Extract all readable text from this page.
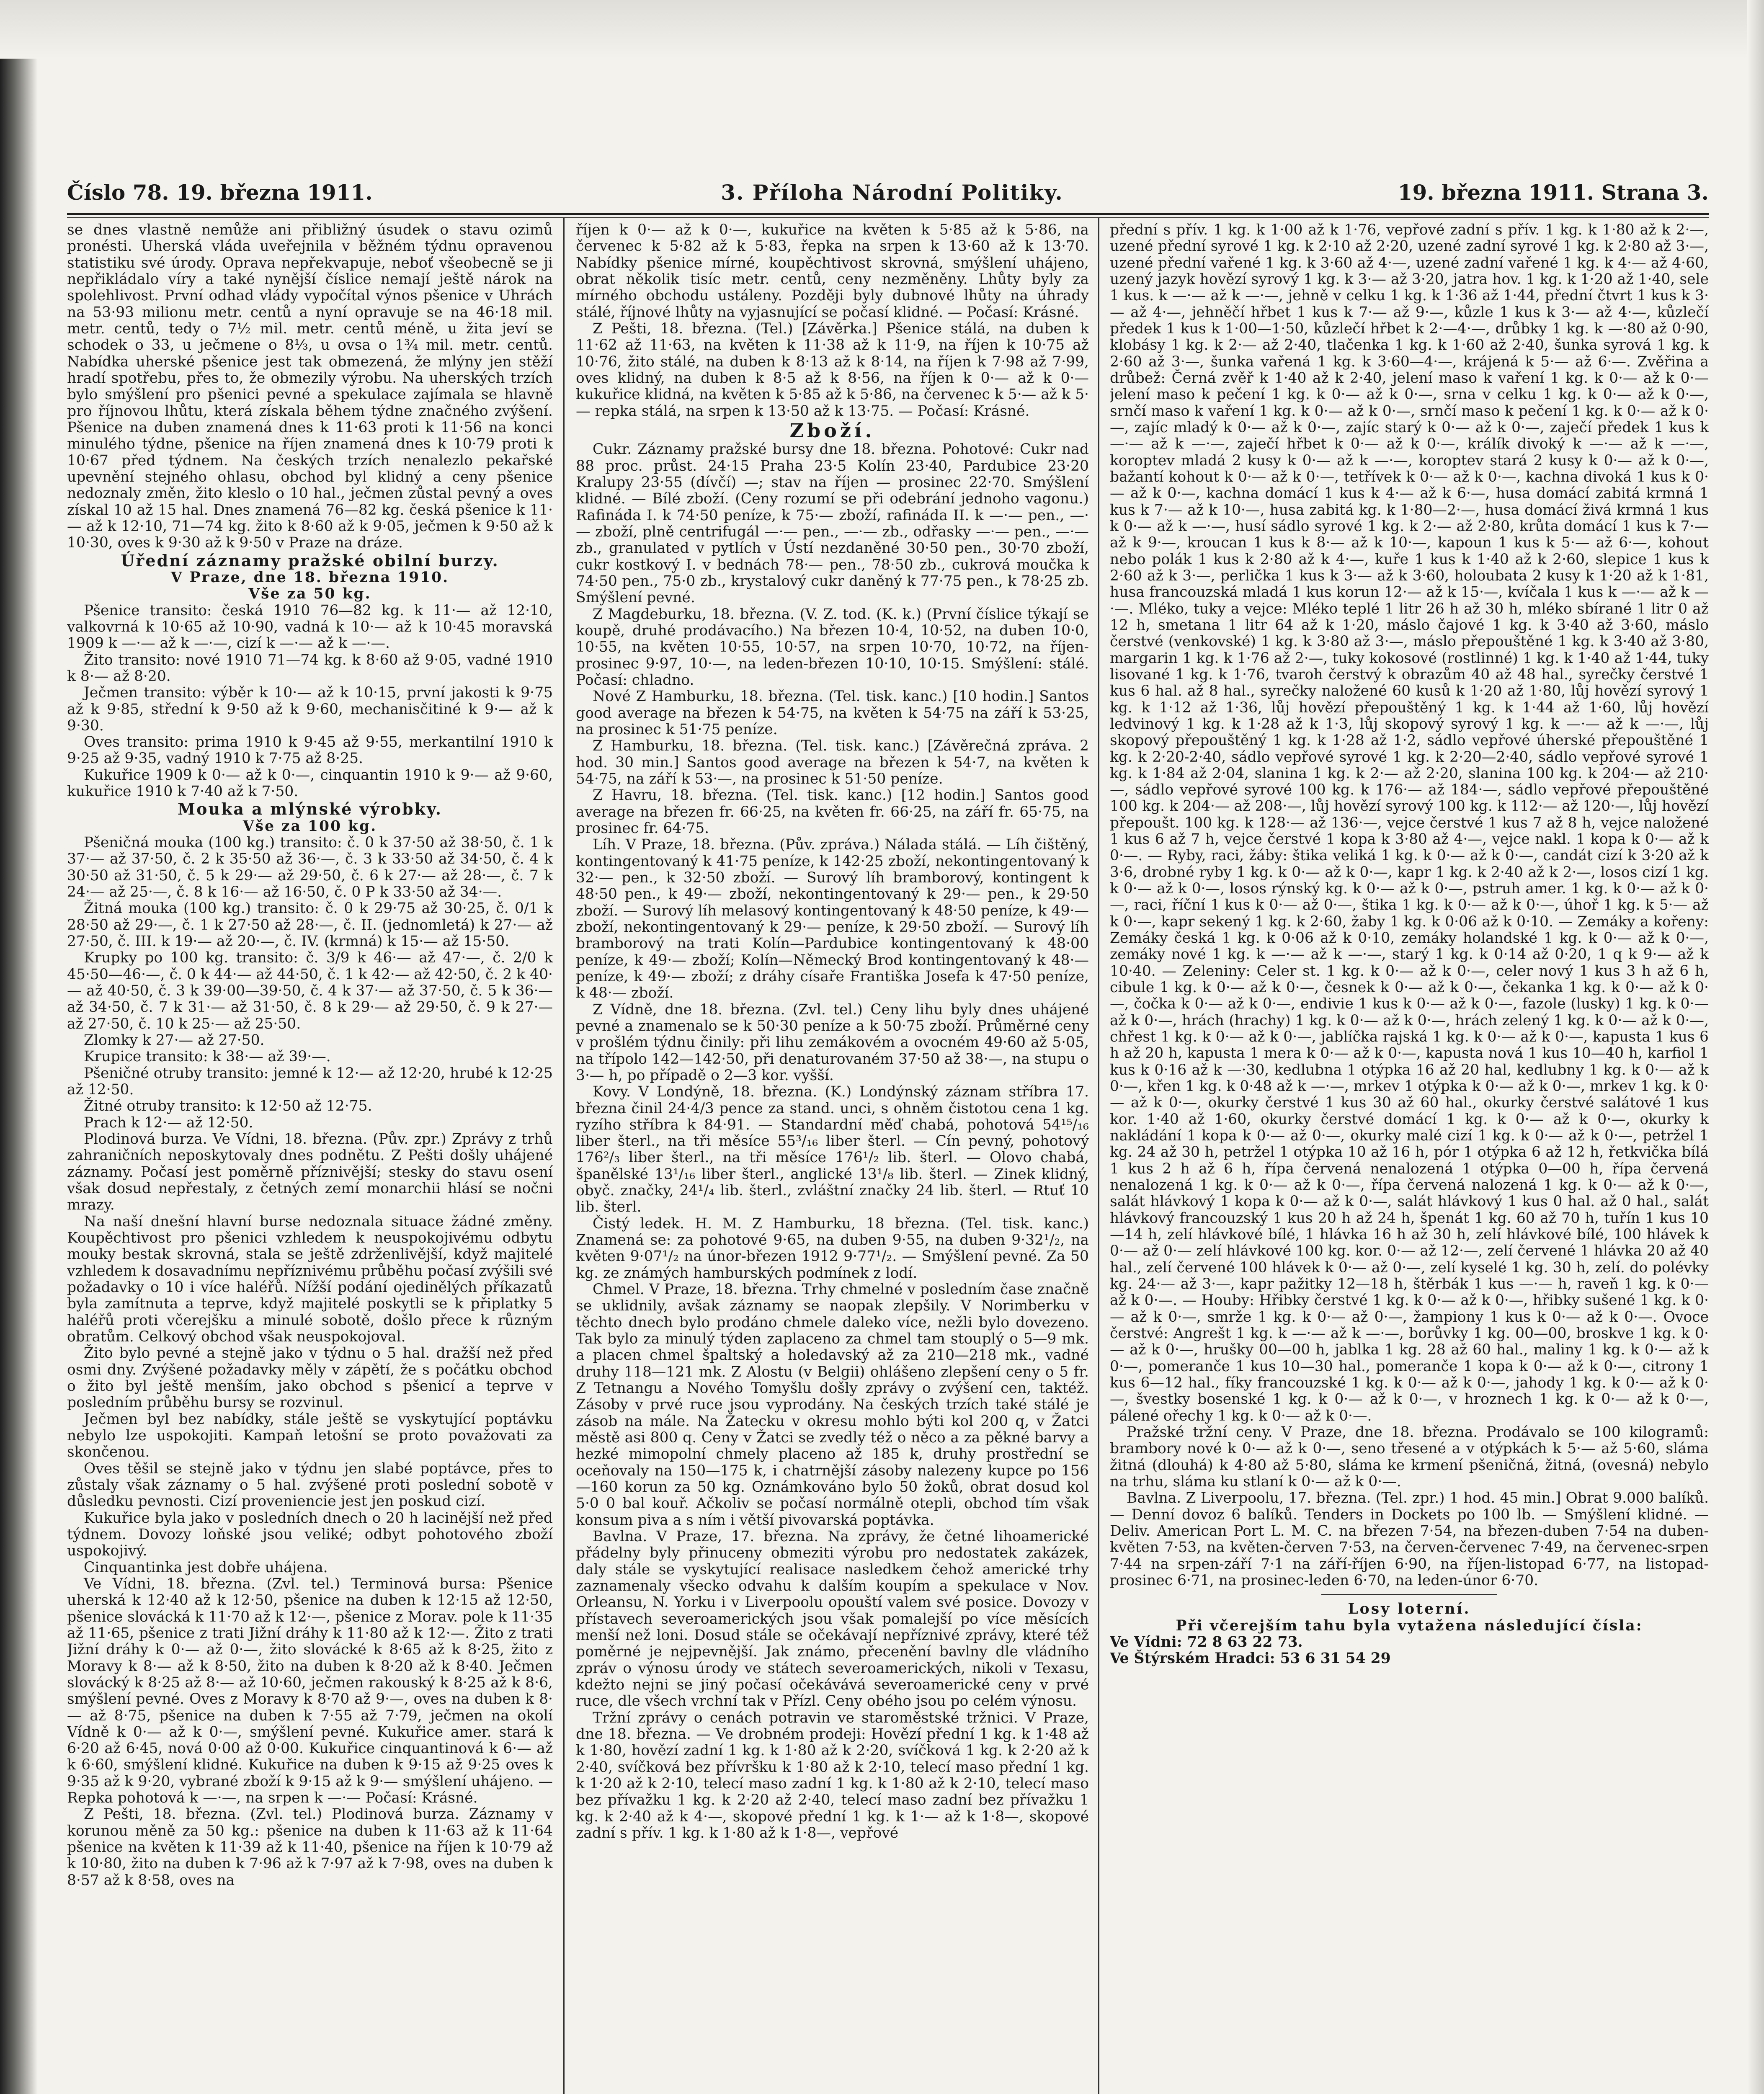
Číslo 78. 19. března 1911.	3. Příloha Národní Politiky.	19. března 1911. Strana 3.

se dnes vlastně nemůže ani přibližný úsudek o stavu ozimů pronésti. Uherská vláda uveřejnila v běžném týdnu opravenou statistiku své úrody. Oprava nepřekvapuje, neboť všeobecně se ji nepřikládalo víry a také nynější číslice nemají ještě nárok na spolehlivost. První odhad vlády vypočítal výnos pšenice v Uhrách na 53·93 milionu metr. centů a nyní opravuje se na 46·18 mil. metr. centů, tedy o 7½ mil. metr. centů méně, u žita jeví se schodek o 33, u ječmene o 8⅓, u ovsa o 1¾ mil. metr. centů. Nabídka uherské pšenice jest tak obmezená, že mlýny jen stěží hradí spotřebu, přes to, že obmezily výrobu. Na uherských trzích bylo smýšlení pro pšenici pevné a spekulace zajímala se hlavně pro říjnovou lhůtu, která získala během týdne značného zvýšení. Pšenice na duben znamená dnes k 11·63 proti k 11·56 na konci minulého týdne, pšenice na říjen znamená dnes k 10·79 proti k 10·67 před týdnem. Na českých trzích nenalezlo pekařské upevnění stejného ohlasu, obchod byl klidný a ceny pšenice nedoznaly změn, žito kleslo o 10 hal., ječmen zůstal pevný a oves získal 10 až 15 hal. Dnes znamená 76—82 kg. česká pšenice k 11·— až k 12·10, 71—74 kg. žito k 8·60 až k 9·05, ječmen k 9·50 až k 10·30, oves k 9·30 až k 9·50 v Praze na dráze.

Úřední záznamy pražské obilní burzy.

V Praze, dne 18. března 1910.

Vše za 50 kg.

Pšenice transito: česká 1910 76—82 kg. k 11·— až 12·10, valkovrná k 10·65 až 10·90, vadná k 10·— až k 10·45 moravská 1909 k —·— až k —·—, cizí k —·— až k —·—.

Žito transito: nové 1910 71—74 kg. k 8·60 až 9·05, vadné 1910 k 8·— až 8·20.

Ječmen transito: výběr k 10·— až k 10·15, první jakosti k 9·75 až k 9·85, střední k 9·50 až k 9·60, mechanisčitiné k 9·— až k 9·30.

Oves transito: prima 1910 k 9·45 až 9·55, merkantilní 1910 k 9·25 až 9·35, vadný 1910 k 7·75 až 8·25.

Kukuřice 1909 k 0·— až k 0·—, cinquantin 1910 k 9·— až 9·60, kukuřice 1910 k 7·40 až k 7·50.

Mouka a mlýnské výrobky.

Vše za 100 kg.

Pšeničná mouka (100 kg.) transito: č. 0 k 37·50 až 38·50, č. 1 k 37·— až 37·50, č. 2 k 35·50 až 36·—, č. 3 k 33·50 až 34·50, č. 4 k 30·50 až 31·50, č. 5 k 29·— až 29·50, č. 6 k 27·— až 28·—, č. 7 k 24·— až 25·—, č. 8 k 16·— až 16·50, č. 0 P k 33·50 až 34·—.

Žitná mouka (100 kg.) transito: č. 0 k 29·75 až 30·25, č. 0/1 k 28·50 až 29·—, č. 1 k 27·50 až 28·—, č. II. (jednomletá) k 27·— až 27·50, č. III. k 19·— až 20·—, č. IV. (krmná) k 15·— až 15·50.

Krupky po 100 kg. transito: č. 3/9 k 46·— až 47·—, č. 2/0 k 45·50—46·—, č. 0 k 44·— až 44·50, č. 1 k 42·— až 42·50, č. 2 k 40·— až 40·50, č. 3 k 39·00—39·50, č. 4 k 37·— až 37·50, č. 5 k 36·— až 34·50, č. 7 k 31·— až 31·50, č. 8 k 29·— až 29·50, č. 9 k 27·— až 27·50, č. 10 k 25·— až 25·50.

Zlomky k 27·— až 27·50.

Krupice transito: k 38·— až 39·—.

Pšeničné otruby transito: jemné k 12·— až 12·20, hrubé k 12·25 až 12·50.

Žitné otruby transito: k 12·50 až 12·75.

Prach k 12·— až 12·50.

Plodinová burza. Ve Vídni, 18. března. (Pův. zpr.) Zprávy z trhů zahraničních neposkytovaly dnes podnětu. Z Pešti došly uhájené záznamy. Počasí jest poměrně příznivější; stesky do stavu osení však dosud nepřestaly, z četných zemí monarchii hlásí se nočni mrazy.

Na naší dnešní hlavní burse nedoznala situace žádné změny. Koupěchtivost pro pšenici vzhledem k neuspokojivému odbytu mouky bestak skrovná, stala se ještě zdrženlivější, když majitelé vzhledem k dosavadnímu nepříznivému průběhu počasí zvýšili své požadavky o 10 i více haléřů. Nížší podání ojedinělých příkazatů byla zamítnuta a teprve, když majitelé poskytli se k připlatky 5 haléřů proti včerejšku a minulé sobotě, došlo přece k různým obratům. Celkový obchod však neuspokojoval.

Žito bylo pevné a stejně jako v týdnu o 5 hal. dražší než před osmi dny. Zvýšené požadavky měly v zápětí, že s počátku obchod o žito byl ještě menším, jako obchod s pšenicí a teprve v posledním průběhu bursy se rozvinul.

Ječmen byl bez nabídky, stále ještě se vyskytující poptávku nebylo lze uspokojiti. Kampaň letošní se proto považovati za skončenou.

Oves těšil se stejně jako v týdnu jen slabé poptávce, přes to zůstaly však záznamy o 5 hal. zvýšené proti poslední sobotě v důsledku pevnosti. Cizí proveniencie jest jen poskud cizí.

Kukuřice byla jako v posledních dnech o 20 h lacinější než před týdnem. Dovozy loňské jsou veliké; odbyt pohotového zboží uspokojivý.

Cinquantinka jest dobře uhájena.

Ve Vídni, 18. března. (Zvl. tel.) Terminová bursa: Pšenice uherská k 12·40 až k 12·50, pšenice na duben k 12·15 až 12·50, pšenice slovácká k 11·70 až k 12·—, pšenice z Morav. pole k 11·35 až 11·65, pšenice z trati Jižní dráhy k 11·80 až k 12·—. Žito z trati Jižní dráhy k 0·— až 0·—, žito slovácké k 8·65 až k 8·25, žito z Moravy k 8·— až k 8·50, žito na duben k 8·20 až k 8·40. Ječmen slovácký k 8·25 až 8·— až 10·60, ječmen rakouský k 8·25 až k 8·6, smýšlení pevné. Oves z Moravy k 8·70 až 9·—, oves na duben k 8·— až 8·75, pšenice na duben k 7·55 až 7·79, ječmen na okolí Vídně k 0·— až k 0·—, smýšlení pevné. Kukuřice amer. stará k 6·20 až 6·45, nová 0·00 až 0·00. Kukuřice cinquantinová k 6·— až k 6·60, smýšlení klidné. Kukuřice na duben k 9·15 až 9·25 oves k 9·35 až k 9·20, vybrané zboží k 9·15 až k 9·— smýšlení uhájeno. — Repka pohotová k —·—, na srpen k —·— Počasí: Krásné.

Z Pešti, 18. března. (Zvl. tel.) Plodinová burza. Záznamy v korunou měně za 50 kg.: pšenice na duben k 11·63 až k 11·64 pšenice na květen k 11·39 až k 11·40, pšenice na říjen k 10·79 až k 10·80, žito na duben k 7·96 až k 7·97 až k 7·98, oves na duben k 8·57 až k 8·58, oves na

říjen k 0·— až k 0·—, kukuřice na květen k 5·85 až k 5·86, na červenec k 5·82 až k 5·83, řepka na srpen k 13·60 až k 13·70. Nabídky pšenice mírné, koupěchtivost skrovná, smýšlení uhájeno, obrat několik tisíc metr. centů, ceny nezměněny. Lhůty byly za mírného obchodu ustáleny. Později byly dubnové lhůty na úhrady stálé, říjnové lhůty na vyjasnující se počasí klidné. — Počasí: Krásné.

Z Pešti, 18. března. (Tel.) [Závěrka.] Pšenice stálá, na duben k 11·62 až 11·63, na květen k 11·38 až k 11·9, na říjen k 10·75 až 10·76, žito stálé, na duben k 8·13 až k 8·14, na říjen k 7·98 až 7·99, oves klidný, na duben k 8·5 až k 8·56, na říjen k 0·— až k 0·— kukuřice klidná, na květen k 5·85 až k 5·86, na červenec k 5·— až k 5·— repka stálá, na srpen k 13·50 až k 13·75. — Počasí: Krásné.

Zboží.

Cukr. Záznamy pražské bursy dne 18. března. Pohotové: Cukr nad 88 proc. průst. 24·15 Praha 23·5 Kolín 23·40, Pardubice 23·20 Kralupy 23·55 (dívčí) —; stav na říjen — prosinec 22·70. Smýšlení klidné. — Bílé zboží. (Ceny rozumí se při odebrání jednoho vagonu.) Rafináda I. k 74·50 peníze, k 75·— zboží, rafináda II. k —·— pen., —·— zboží, plně centrifugál —·— pen., —·— zb., odřasky —·— pen., —·— zb., granulated v pytlích v Ústí nezdaněné 30·50 pen., 30·70 zboží, cukr kostkový I. v bednách 78·— pen., 78·50 zb., cukrová moučka k 74·50 pen., 75·0 zb., krystalový cukr daněný k 77·75 pen., k 78·25 zb. Smýšlení pevné.

Z Magdeburku, 18. března. (V. Z. tod. (K. k.) (První číslice týkají se koupě, druhé prodávacího.) Na březen 10·4, 10·52, na duben 10·0, 10·55, na květen 10·55, 10·57, na srpen 10·70, 10·72, na říjen-prosinec 9·97, 10·—, na leden-březen 10·10, 10·15. Smýšlení: stálé. Počasí: chladno.

Nové Z Hamburku, 18. března. (Tel. tisk. kanc.) [10 hodin.] Santos good average na březen k 54·75, na květen k 54·75 na září k 53·25, na prosinec k 51·75 peníze.

Z Hamburku, 18. března. (Tel. tisk. kanc.) [Závěrečná zpráva. 2 hod. 30 min.] Santos good average na březen k 54·7, na květen k 54·75, na září k 53·—, na prosinec k 51·50 peníze.

Z Havru, 18. března. (Tel. tisk. kanc.) [12 hodin.] Santos good average na březen fr. 66·25, na květen fr. 66·25, na září fr. 65·75, na prosinec fr. 64·75.

Líh. V Praze, 18. března. (Pův. zpráva.) Nálada stálá. — Líh čištěný, kontingentovaný k 41·75 peníze, k 142·25 zboží, nekontingentovaný k 32·— pen., k 32·50 zboží. — Surový líh bramborový, kontingent k 48·50 pen., k 49·— zboží, nekontingentovaný k 29·— pen., k 29·50 zboží. — Surový líh melasový kontingentovaný k 48·50 peníze, k 49·— zboží, nekontingentovaný k 29·— peníze, k 29·50 zboží. — Surový líh bramborový na trati Kolín—Pardubice kontingentovaný k 48·00 peníze, k 49·— zboží; Kolín—Německý Brod kontingentovaný k 48·— peníze, k 49·— zboží; z dráhy císaře Františka Josefa k 47·50 peníze, k 48·— zboží.

Z Vídně, dne 18. března. (Zvl. tel.) Ceny lihu byly dnes uhájené pevné a znamenalo se k 50·30 peníze a k 50·75 zboží. Průměrné ceny v prošlém týdnu činily: při lihu zemákovém a ovocném 49·60 až 5·05, na třípolo 142—142·50, při denaturovaném 37·50 až 38·—, na stupu o 3·— h, po případě o 2—3 kor. vyšší.

Kovy. V Londýně, 18. března. (K.) Londýnský záznam stříbra 17. března činil 24·4/3 pence za stand. unci, s ohněm čistotou cena 1 kg. ryzího stříbra k 84·91. — Standardní měď chabá, pohotová 54¹⁵/₁₆ liber šterl., na tři měsíce 55³/₁₆ liber šterl. — Cín pevný, pohotový 176²/₃ liber šterl., na tři měsíce 176¹/₂ lib. šterl. — Olovo chabá, španělské 13¹/₁₆ liber šterl., anglické 13¹/₈ lib. šterl. — Zinek klidný, obyč. značky, 24¹/₄ lib. šterl., zvláštní značky 24 lib. šterl. — Rtuť 10 lib. šterl.

Čistý ledek. H. M. Z Hamburku, 18 března. (Tel. tisk. kanc.) Znamená se: za pohotové 9·65, na duben 9·55, na duben 9·32¹/₂, na květen 9·07¹/₂ na únor-březen 1912 9·77¹/₂. — Smýšlení pevné. Za 50 kg. ze známých hamburských podmínek z lodí.

Chmel. V Praze, 18. března. Trhy chmelné v posledním čase značně se uklidnily, avšak záznamy se naopak zlepšily. V Norimberku v těchto dnech bylo prodáno chmele daleko více, nežli bylo dovezeno. Tak bylo za minulý týden zaplaceno za chmel tam stouplý o 5—9 mk. a placen chmel špaltský a holedavský až za 210—218 mk., vadné druhy 118—121 mk. Z Alostu (v Belgii) ohlášeno zlepšení ceny o 5 fr. Z Tetnangu a Nového Tomyšlu došly zprávy o zvýšení cen, taktéž. Zásoby v prvé ruce jsou vyprodány. Na českých trzích také stálé je zásob na mále. Na Žatecku v okresu mohlo býti kol 200 q, v Žatci městě asi 800 q. Ceny v Žatci se zvedly též o něco a za pěkné barvy a hezké mimopolní chmely placeno až 185 k, druhy prostřední se oceňovaly na 150—175 k, i chatrnější zásoby nalezeny kupce po 156—160 korun za 50 kg. Oznámkováno bylo 50 žoků, obrat dosud kol 5·0 0 bal kouř. Ačkoliv se počasí normálně otepli, obchod tím však konsum piva a s ním i větší pivovarská poptávka.

Bavlna. V Praze, 17. března. Na zprávy, že četné lihoamerické přádelny byly přinuceny obmeziti výrobu pro nedostatek zakázek, daly stále se vyskytující realisace nasledkem čehož americké trhy zaznamenaly všecko odvahu k dalším koupím a spekulace v Nov. Orleansu, N. Yorku i v Liverpoolu opouští valem své posice. Dovozy v přístavech severoamerických jsou však pomalejší po více měsících menší než loni. Dosud stále se očekávají nepříznivé zprávy, které též poměrné je nejpevnější. Jak známo, přecenění bavlny dle vládního zpráv o výnosu úrody ve státech severoamerických, nikoli v Texasu, kdežto nejni se jiný počasí očekávává severoamerické ceny v prvé ruce, dle všech vrchní tak v Přízl. Ceny obého jsou po celém výnosu.

Tržní zprávy o cenách potravin ve staroměstské tržnici. V Praze, dne 18. března. — Ve drobném prodeji: Hovězí přední 1 kg. k 1·48 až k 1·80, hovězí zadní 1 kg. k 1·80 až k 2·20, svíčková 1 kg. k 2·20 až k 2·40, svíčková bez přívršku k 1·80 až k 2·10, telecí maso přední 1 kg. k 1·20 až k 2·10, telecí maso zadní 1 kg. k 1·80 až k 2·10, telecí maso bez přívažku 1 kg. k 2·20 až 2·40, telecí maso zadní bez přívažku 1 kg. k 2·40 až k 4·—, skopové přední 1 kg. k 1·— až k 1·8—, skopové zadní s přív. 1 kg. k 1·80 až k 1·8—, vepřové

přední s přív. 1 kg. k 1·00 až k 1·76, vepřové zadní s přív. 1 kg. k 1·80 až k 2·—, uzené přední syrové 1 kg. k 2·10 až 2·20, uzené zadní syrové 1 kg. k 2·80 až 3·—, uzené přední vařené 1 kg. k 3·60 až 4·—, uzené zadní vařené 1 kg. k 4·— až 4·60, uzený jazyk hovězí syrový 1 kg. k 3·— až 3·20, jatra hov. 1 kg. k 1·20 až 1·40, sele 1 kus. k —·— až k —·—, jehně v celku 1 kg. k 1·36 až 1·44, přední čtvrt 1 kus k 3·— až 4·—, jehněčí hřbet 1 kus k 7·— až 9·—, kůzle 1 kus k 3·— až 4·—, kůzlečí předek 1 kus k 1·00—1·50, kůzlečí hřbet k 2·—4·—, drůbky 1 kg. k —·80 až 0·90, klobásy 1 kg. k 2·— až 2·40, tlačenka 1 kg. k 1·60 až 2·40, šunka syrová 1 kg. k 2·60 až 3·—, šunka vařená 1 kg. k 3·60—4·—, krájená k 5·— až 6·—. Zvěřina a drůbež: Černá zvěř k 1·40 až k 2·40, jelení maso k vaření 1 kg. k 0·— až k 0·— jelení maso k pečení 1 kg. k 0·— až k 0·—, srna v celku 1 kg. k 0·— až k 0·—, srnčí maso k vaření 1 kg. k 0·— až k 0·—, srnčí maso k pečení 1 kg. k 0·— až k 0·—, zajíc mladý k 0·— až k 0·—, zajíc starý k 0·— až k 0·—, zaječí předek 1 kus k —·— až k —·—, zaječí hřbet k 0·— až k 0·—, králík divoký k —·— až k —·—, koroptev mladá 2 kusy k 0·— až k —·—, koroptev stará 2 kusy k 0·— až k 0·—, bažantí kohout k 0·— až k 0·—, tetřívek k 0·— až k 0·—, kachna divoká 1 kus k 0·— až k 0·—, kachna domácí 1 kus k 4·— až k 6·—, husa domácí zabitá krmná 1 kus k 7·— až k 10·—, husa zabitá kg. k 1·80—2·—, husa domácí živá krmná 1 kus k 0·— až k —·—, husí sádlo syrové 1 kg. k 2·— až 2·80, krůta domácí 1 kus k 7·— až k 9·—, kroucan 1 kus k 8·— až k 10·—, kapoun 1 kus k 5·— až 6·—, kohout nebo polák 1 kus k 2·80 až k 4·—, kuře 1 kus k 1·40 až k 2·60, slepice 1 kus k 2·60 až k 3·—, perlička 1 kus k 3·— až k 3·60, holoubata 2 kusy k 1·20 až k 1·81, husa francouzská mladá 1 kus korun 12·— až k 15·—, kvíčala 1 kus k —·— až k —·—. Mléko, tuky a vejce: Mléko teplé 1 litr 26 h až 30 h, mléko sbírané 1 litr 0 až 12 h, smetana 1 litr 64 až k 1·20, máslo čajové 1 kg. k 3·40 až 3·60, máslo čerstvé (venkovské) 1 kg. k 3·80 až 3·—, máslo přepouštěné 1 kg. k 3·40 až 3·80, margarin 1 kg. k 1·76 až 2·—, tuky kokosové (rostlinné) 1 kg. k 1·40 až 1·44, tuky lisované 1 kg. k 1·76, tvaroh čerstvý k obrazům 40 až 48 hal., syrečky čerstvé 1 kus 6 hal. až 8 hal., syrečky naložené 60 kusů k 1·20 až 1·80, lůj hovězí syrový 1 kg. k 1·12 až 1·36, lůj hovězí přepouštěný 1 kg. k 1·44 až 1·60, lůj hovězí ledvinový 1 kg. k 1·28 až k 1·3, lůj skopový syrový 1 kg. k —·— až k —·—, lůj skopový přepouštěný 1 kg. k 1·28 až 1·2, sádlo vepřové úherské přepouštěné 1 kg. k 2·20-2·40, sádlo vepřové syrové 1 kg. k 2·20—2·40, sádlo vepřové syrové 1 kg. k 1·84 až 2·04, slanina 1 kg. k 2·— až 2·20, slanina 100 kg. k 204·— až 210·—, sádlo vepřové syrové 100 kg. k 176·— až 184·—, sádlo vepřové přepouštěné 100 kg. k 204·— až 208·—, lůj hovězí syrový 100 kg. k 112·— až 120·—, lůj hovězí přepoušt. 100 kg. k 128·— až 136·—, vejce čerstvé 1 kus 7 až 8 h, vejce naložené 1 kus 6 až 7 h, vejce čerstvé 1 kopa k 3·80 až 4·—, vejce nakl. 1 kopa k 0·— až k 0·—. — Ryby, raci, žáby: štika veliká 1 kg. k 0·— až k 0·—, candát cizí k 3·20 až k 3·6, drobné ryby 1 kg. k 0·— až k 0·—, kapr 1 kg. k 2·40 až k 2·—, losos cizí 1 kg. k 0·— až k 0·—, losos rýnský kg. k 0·— až k 0·—, pstruh amer. 1 kg. k 0·— až k 0·—, raci, říční 1 kus k 0·— až 0·—, štika 1 kg. k 0·— až k 0·—, úhoř 1 kg. k 5·— až k 0·—, kapr sekený 1 kg. k 2·60, žaby 1 kg. k 0·06 až k 0·10. — Zemáky a kořeny: Zemáky česká 1 kg. k 0·06 až k 0·10, zemáky holandské 1 kg. k 0·— až k 0·—, zemáky nové 1 kg. k —·— až k —·—, starý 1 kg. k 0·14 až 0·20, 1 q k 9·— až k 10·40. — Zeleniny: Celer st. 1 kg. k 0·— až k 0·—, celer nový 1 kus 3 h až 6 h, cibule 1 kg. k 0·— až k 0·—, česnek k 0·— až k 0·—, čekanka 1 kg. k 0·— až k 0·—, čočka k 0·— až k 0·—, endivie 1 kus k 0·— až k 0·—, fazole (lusky) 1 kg. k 0·— až k 0·—, hrách (hrachy) 1 kg. k 0·— až k 0·—, hrách zelený 1 kg. k 0·— až k 0·—, chřest 1 kg. k 0·— až k 0·—, jablíčka rajská 1 kg. k 0·— až k 0·—, kapusta 1 kus 6 h až 20 h, kapusta 1 mera k 0·— až k 0·—, kapusta nová 1 kus 10—40 h, karfiol 1 kus k 0·16 až k —·30, kedlubna 1 otýpka 16 až 20 hal, kedlubny 1 kg. k 0·— až k 0·—, křen 1 kg. k 0·48 až k —·—, mrkev 1 otýpka k 0·— až k 0·—, mrkev 1 kg. k 0·— až k 0·—, okurky čerstvé 1 kus 30 až 60 hal., okurky čerstvé salátové 1 kus kor. 1·40 až 1·60, okurky čerstvé domácí 1 kg. k 0·— až k 0·—, okurky k nakládání 1 kopa k 0·— až 0·—, okurky malé cizí 1 kg. k 0·— až k 0·—, petržel 1 kg. 24 až 30 h, petržel 1 otýpka 10 až 16 h, pór 1 otýpka 6 až 12 h, řetkvička bílá 1 kus 2 h až 6 h, řípa červená nenalozená 1 otýpka 0—00 h, řípa červená nenalozená 1 kg. k 0·— až k 0·—, řípa červená nalozená 1 kg. k 0·— až k 0·—, salát hlávkový 1 kopa k 0·— až k 0·—, salát hlávkový 1 kus 0 hal. až 0 hal., salát hlávkový francouzský 1 kus 20 h až 24 h, špenát 1 kg. 60 až 70 h, tuřín 1 kus 10—14 h, zelí hlávkové bílé, 1 hlávka 16 h až 30 h, zelí hlávkové bílé, 100 hlávek k 0·— až 0·— zelí hlávkové 100 kg. kor. 0·— až 12·—, zelí červené 1 hlávka 20 až 40 hal., zelí červené 100 hlávek k 0·— až 0·—, zelí kyselé 1 kg. 30 h, zelí. do polévky kg. 24·— až 3·—, kapr pažitky 12—18 h, štěrbák 1 kus —·— h, raveň 1 kg. k 0·— až k 0·—. — Houby: Hřibky čerstvé 1 kg. k 0·— až k 0·—, hřibky sušené 1 kg. k 0·— až k 0·—, smrže 1 kg. k 0·— až 0·—, žampiony 1 kus k 0·— až k 0·—. Ovoce čerstvé: Angrešt 1 kg. k —·— až k —·—, borůvky 1 kg. 00—00, broskve 1 kg. k 0·— až k 0·—, hrušky 00—00 h, jablka 1 kg. 28 až 60 hal., maliny 1 kg. k 0·— až k 0·—, pomeranče 1 kus 10—30 hal., pomeranče 1 kopa k 0·— až k 0·—, citrony 1 kus 6—12 hal., fíky francouzské 1 kg. k 0·— až k 0·—, jahody 1 kg. k 0·— až k 0·—, švestky bosenské 1 kg. k 0·— až k 0·—, v hroznech 1 kg. k 0·— až k 0·—, pálené ořechy 1 kg. k 0·— až k 0·—.

Pražské tržní ceny. V Praze, dne 18. března. Prodávalo se 100 kilogramů: brambory nové k 0·— až k 0·—, seno třesené a v otýpkách k 5·— až 5·60, sláma žitná (dlouhá) k 4·80 až 5·80, sláma ke krmení pšeničná, žitná, (ovesná) nebylo na trhu, sláma ku stlaní k 0·— až k 0·—.

Bavlna. Z Liverpoolu, 17. března. (Tel. zpr.) 1 hod. 45 min.] Obrat 9.000 balíků. — Denní dovoz 6 balíků. Tenders in Dockets po 100 lb. — Smýšlení klidné. — Deliv. American Port L. M. C. na březen 7·54, na březen-duben 7·54 na duben-květen 7·53, na květen-červen 7·53, na červen-červenec 7·49, na červenec-srpen 7·44 na srpen-září 7·1 na září-říjen 6·90, na říjen-listopad 6·77, na listopad-prosinec 6·71, na prosinec-leden 6·70, na leden-únor 6·70.

Losy loterní.

Při včerejším tahu byla vytažena následující čísla:

Ve Vídni: 72 8 63 22 73.

Ve Štýrském Hradci: 53 6 31 54 29
